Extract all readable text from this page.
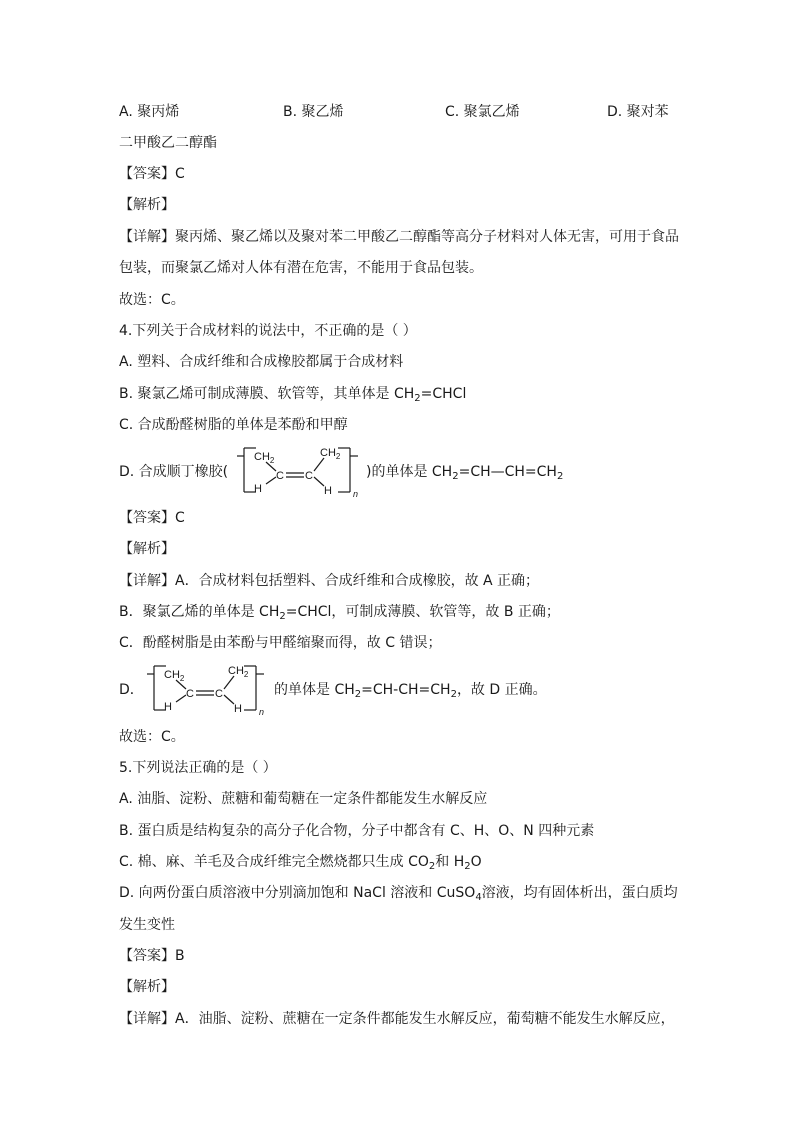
A. 聚丙烯	B. 聚乙烯	C. 聚氯乙烯	D. 聚对苯
二甲酸乙二醇酯
【答案】C
【解析】
【详解】聚丙烯、聚乙烯以及聚对苯二甲酸乙二醇酯等高分子材料对人体无害，可用于食品
包装，而聚氯乙烯对人体有潜在危害，不能用于食品包装。
故选：C。
4.下列关于合成材料的说法中，不正确的是（ ）
A. 塑料、合成纤维和合成橡胶都属于合成材料
B. 聚氯乙烯可制成薄膜、软管等，其单体是 $CH_2=CHCl$
C. 合成酚醛树脂的单体是苯酚和甲醇
D. 合成顺丁橡胶(
$CH_2$
C C
$CH_2$
H	H n
)的单体是 $CH_2=CH—CH=CH_2$
【答案】C
【解析】
【详解】A．合成材料包括塑料、合成纤维和合成橡胶，故 A 正确；
B．聚氯乙烯的单体是 $CH_2=CHCl$，可制成薄膜、软管等，故 B 正确；
C．酚醛树脂是由苯酚与甲醛缩聚而得，故 C 错误；
D．
$CH_2$
C C
$CH_2$
H	H n
的单体是 $CH_2=CH-CH=CH_2$，故 D 正确。
故选：C。
5.下列说法正确的是（ ）
A. 油脂、淀粉、蔗糖和葡萄糖在一定条件都能发生水解反应
B. 蛋白质是结构复杂的高分子化合物，分子中都含有 C、H、O、N 四种元素
C. 棉、麻、羊毛及合成纤维完全燃烧都只生成 $CO_2$和 $H_2O$
D. 向两份蛋白质溶液中分别滴加饱和 NaCl 溶液和 CuSO$_4$溶液，均有固体析出，蛋白质均
发生变性
【答案】B
【解析】
【详解】A．油脂、淀粉、蔗糖在一定条件都能发生水解反应，葡萄糖不能发生水解反应，
